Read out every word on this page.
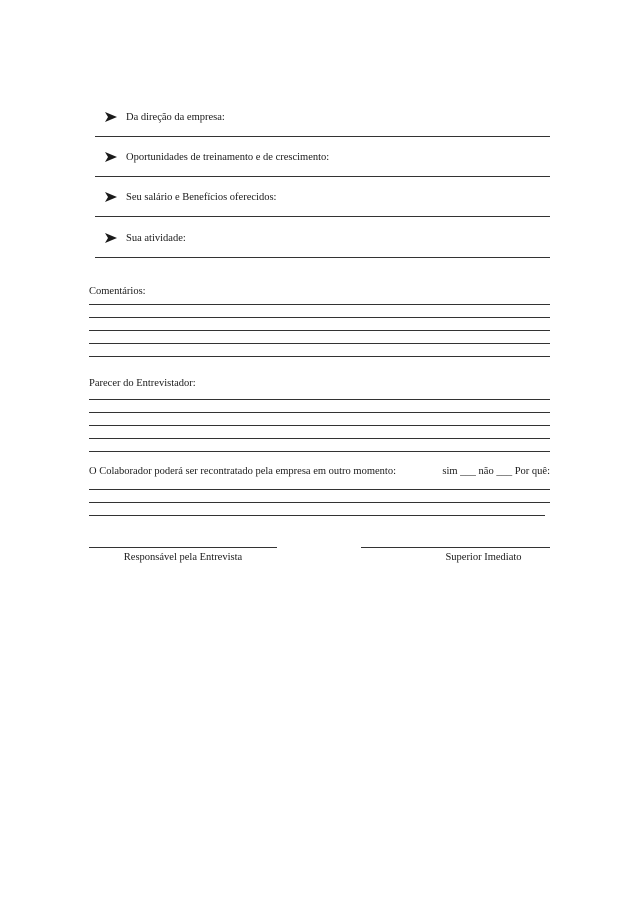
Da direção da empresa:
Oportunidades de treinamento e de crescimento:
Seu salário e Benefícios oferecidos:
Sua atividade:
Comentários:
Parecer do Entrevistador:
O Colaborador poderá ser recontratado pela empresa em outro momento:	sim ___ não ___ Por quê:
Responsável pela Entrevista	Superior Imediato
